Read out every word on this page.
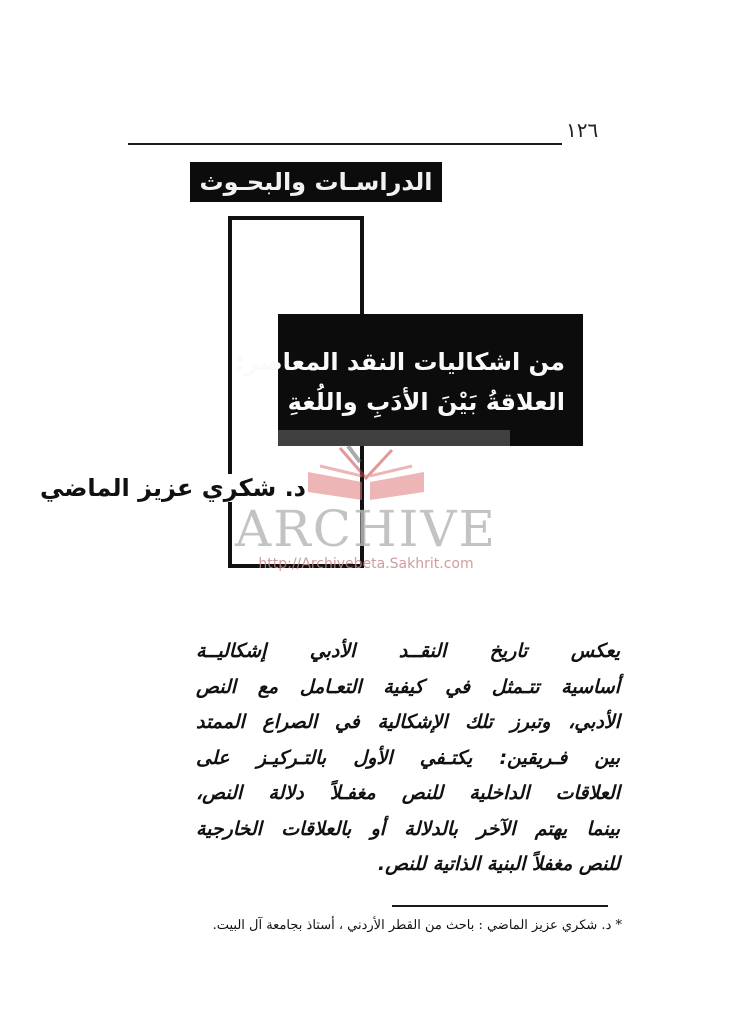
١٢٦
الدراسـات والبحـوث
من اشكاليات النقد المعاصر:
العلاقةُ بَيْنَ الأدَبِ واللُغةِ
د. شكري عزيز الماضي
ARCHIVE
http://Archivebeta.Sakhrit.com
يعكس تاريخ النقــد الأدبي إشكاليــة
أساسية تتـمثل في كيفية التعـامل مع النص
الأدبي، وتبرز تلك الإشكالية في الصراع الممتد
بين فـريقين: يكتـفي الأول بالتـركيـز على
العلاقات الداخلية للنص مغفـلاً دلالة النص،
بينما يهتم الآخر بالدلالة أو بالعلاقات الخارجية
للنص مغفلاً البنية الذاتية للنص.
* د. شكري عزيز الماضي : باحث من القطر الأردني ، أستاذ بجامعة آل البيت.
